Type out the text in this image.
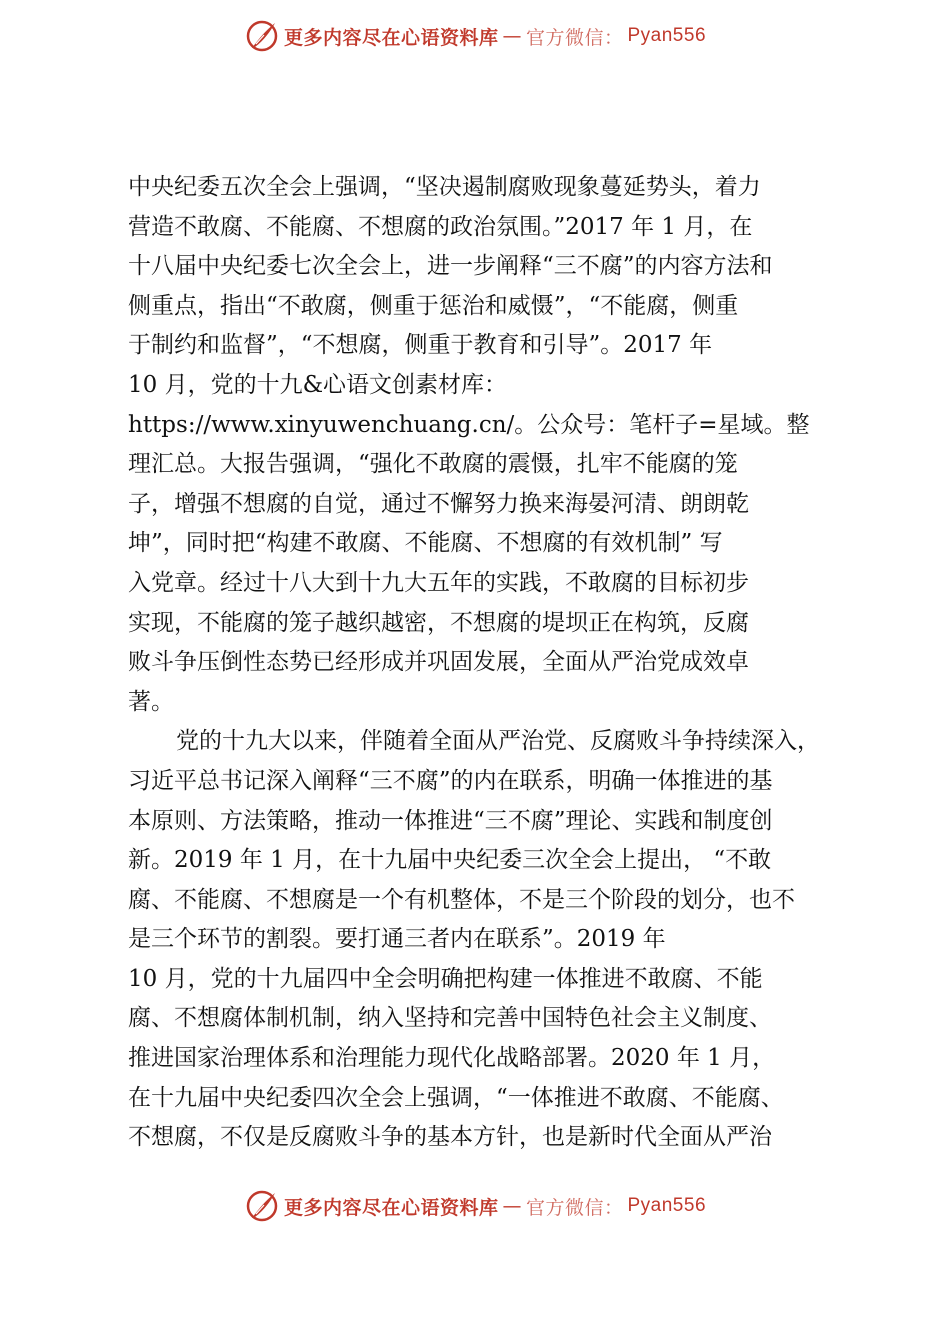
更多内容尽在心语资料库 — 官方微信： Pyan556
中央纪委五次全会上强调，“坚决遏制腐败现象蔓延势头，着力
营造不敢腐、不能腐、不想腐的政治氛围。”2017 年 1 月，在
十八届中央纪委七次全会上，进一步阐释“三不腐”的内容方法和
侧重点，指出“不敢腐，侧重于惩治和威慑”，“不能腐，侧重
于制约和监督”，“不想腐，侧重于教育和引导”。2017 年
10 月，党的十九&心语文创素材库：
https://www.xinyuwenchuang.cn/。公众号：笔杆子=星域。整
理汇总。大报告强调，“强化不敢腐的震慑，扎牢不能腐的笼
子，增强不想腐的自觉，通过不懈努力换来海晏河清、朗朗乾
坤”，同时把“构建不敢腐、不能腐、不想腐的有效机制” 写
入党章。经过十八大到十九大五年的实践，不敢腐的目标初步
实现，不能腐的笼子越织越密，不想腐的堤坝正在构筑，反腐
败斗争压倒性态势已经形成并巩固发展，全面从严治党成效卓
著。
党的十九大以来，伴随着全面从严治党、反腐败斗争持续深入，
习近平总书记深入阐释“三不腐”的内在联系，明确一体推进的基
本原则、方法策略，推动一体推进“三不腐”理论、实践和制度创
新。2019 年 1 月，在十九届中央纪委三次全会上提出， “不敢
腐、不能腐、不想腐是一个有机整体，不是三个阶段的划分，也不
是三个环节的割裂。要打通三者内在联系”。2019 年
10 月，党的十九届四中全会明确把构建一体推进不敢腐、不能
腐、不想腐体制机制，纳入坚持和完善中国特色社会主义制度、
推进国家治理体系和治理能力现代化战略部署。2020 年 1 月，
在十九届中央纪委四次全会上强调，“一体推进不敢腐、不能腐、
不想腐，不仅是反腐败斗争的基本方针，也是新时代全面从严治
更多内容尽在心语资料库 — 官方微信： Pyan556
